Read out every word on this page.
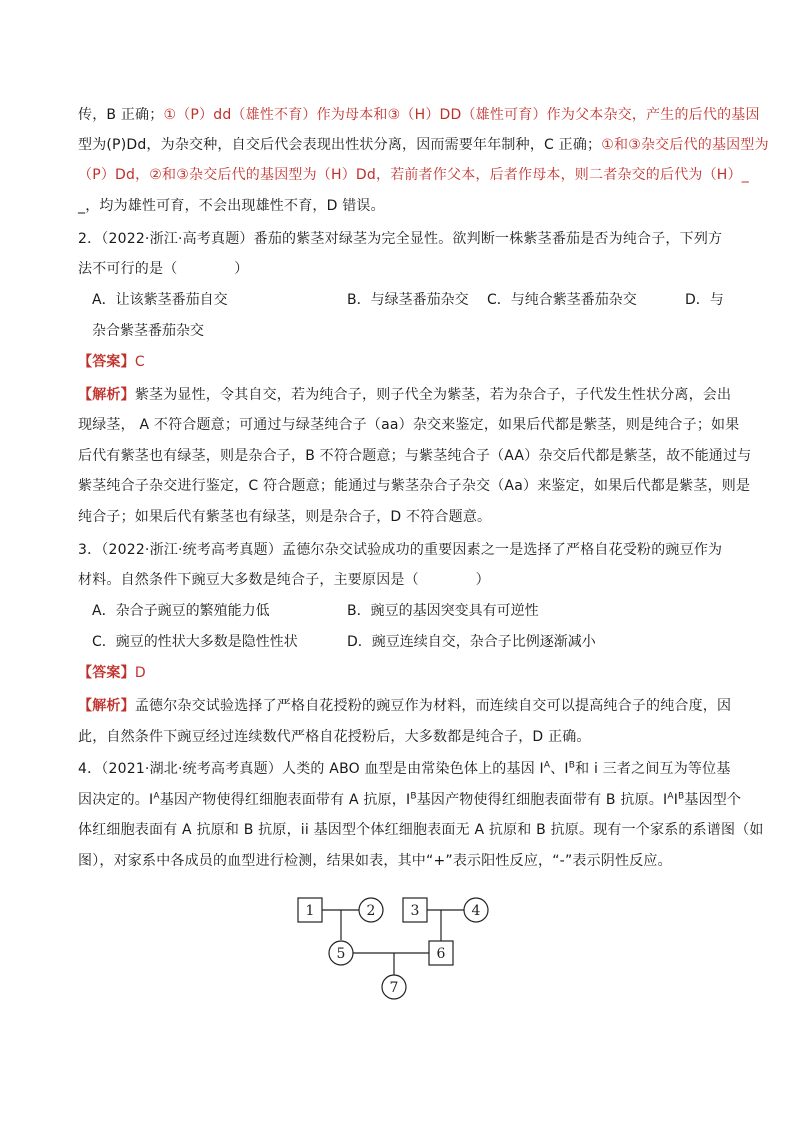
传，B 正确；①（P）dd（雄性不育）作为母本和③（H）DD（雄性可育）作为父本杂交，产生的后代的基因
型为(P)Dd，为杂交种，自交后代会表现出性状分离，因而需要年年制种，C 正确；①和③杂交后代的基因型为
（P）Dd，②和③杂交后代的基因型为（H）Dd，若前者作父本，后者作母本，则二者杂交的后代为（H）_
_，均为雄性可育，不会出现雄性不育，D 错误。
2．（2022·浙江·高考真题）番茄的紫茎对绿茎为完全显性。欲判断一株紫茎番茄是否为纯合子，下列方
法不可行的是（　　　　）
A．让该紫茎番茄自交	B．与绿茎番茄杂交 C．与纯合紫茎番茄杂交	D．与
杂合紫茎番茄杂交
【答案】C
【解析】紫茎为显性，令其自交，若为纯合子，则子代全为紫茎，若为杂合子，子代发生性状分离，会出
现绿茎， A 不符合题意；可通过与绿茎纯合子（aa）杂交来鉴定，如果后代都是紫茎，则是纯合子；如果
后代有紫茎也有绿茎，则是杂合子，B 不符合题意；与紫茎纯合子（AA）杂交后代都是紫茎，故不能通过与
紫茎纯合子杂交进行鉴定，C 符合题意；能通过与紫茎杂合子杂交（Aa）来鉴定，如果后代都是紫茎，则是
纯合子；如果后代有紫茎也有绿茎，则是杂合子，D 不符合题意。
3．（2022·浙江·统考高考真题）孟德尔杂交试验成功的重要因素之一是选择了严格自花受粉的豌豆作为
材料。自然条件下豌豆大多数是纯合子，主要原因是（　　　　）
A．杂合子豌豆的繁殖能力低	B．豌豆的基因突变具有可逆性
C．豌豆的性状大多数是隐性性状	D．豌豆连续自交，杂合子比例逐渐减小
【答案】D
【解析】孟德尔杂交试验选择了严格自花授粉的豌豆作为材料，而连续自交可以提高纯合子的纯合度，因
此，自然条件下豌豆经过连续数代严格自花授粉后，大多数都是纯合子，D 正确。
4．（2021·湖北·统考高考真题）人类的 ABO 血型是由常染色体上的基因 $I^A$、$I^B$和 i 三者之间互为等位基
因决定的。$I^A$基因产物使得红细胞表面带有 A 抗原，$I^B$基因产物使得红细胞表面带有 B 抗原。$I^AI^B$基因型个
体红细胞表面有 A 抗原和 B 抗原，ii 基因型个体红细胞表面无 A 抗原和 B 抗原。现有一个家系的系谱图（如
图），对家系中各成员的血型进行检测，结果如表，其中“+”表示阳性反应，“-”表示阴性反应。
1	2	3	4
5	6
7
